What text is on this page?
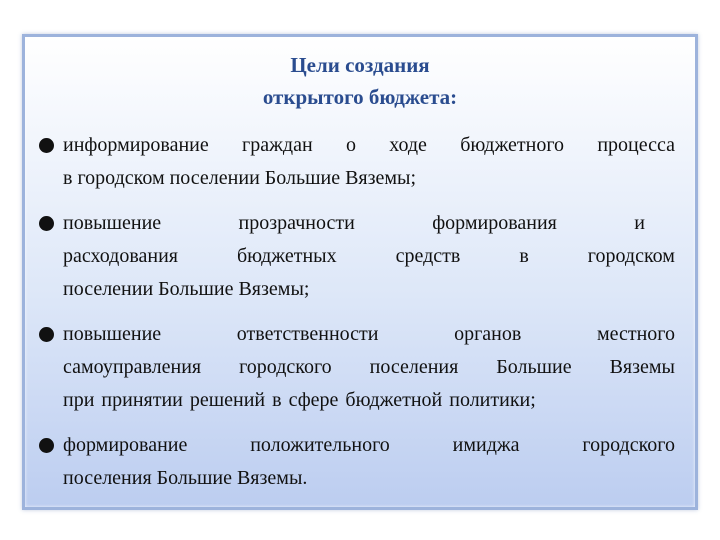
Цели создания
открытого бюджета:
информирование граждан о ходе бюджетного процесса
в городском поселении Большие Вяземы;
повышение	прозрачности	формирования	и
расходования	бюджетных	средств	в	городском
поселении Большие Вяземы;
повышение	ответственности	органов	местного
самоуправления городского поселения Большие Вяземы
при принятии решений в сфере бюджетной политики;
формирование	положительного	имиджа	городского
поселения Большие Вяземы.
